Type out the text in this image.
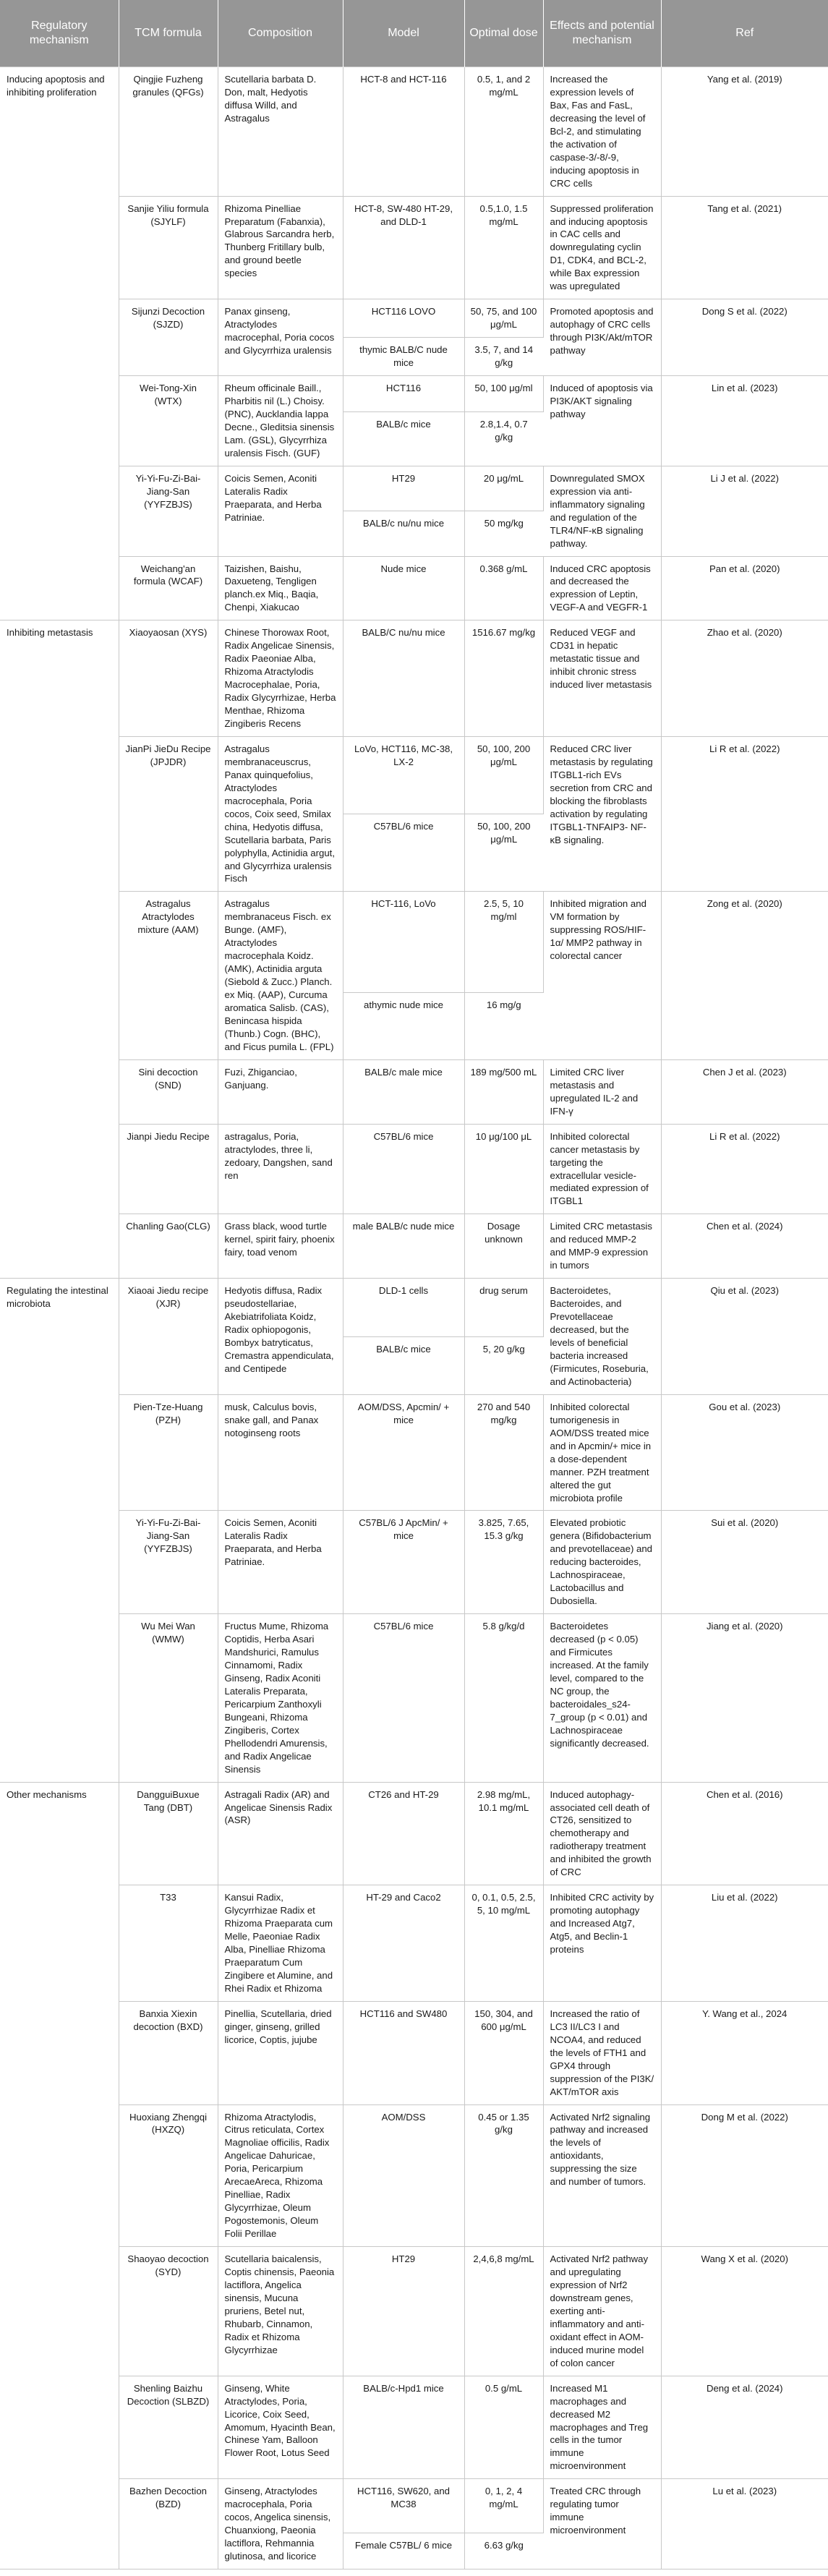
Regulatory mechanism	TCM formula	Composition	Model	Optimal dose	Effects and potential mechanism	Ref
Inducing apoptosis and inhibiting proliferation	Qingjie Fuzheng granules (QFGs)	Scutellaria barbata D. Don, malt, Hedyotis diffusa Willd, and Astragalus	HCT-8 and HCT-116	0.5, 1, and 2 mg/mL	Increased the expression levels of Bax, Fas and FasL, decreasing the level of Bcl-2, and stimulating the activation of caspase-3/-8/-9, inducing apoptosis in CRC cells	Yang et al. (2019)
	Sanjie Yiliu formula (SJYLF)	Rhizoma Pinelliae Preparatum (Fabanxia), Glabrous Sarcandra herb, Thunberg Fritillary bulb, and ground beetle species	HCT-8, SW-480 HT-29, and DLD-1	0.5,1.0, 1.5 mg/mL	Suppressed proliferation and inducing apoptosis in CAC cells and downregulating cyclin D1, CDK4, and BCL-2, while Bax expression was upregulated	Tang et al. (2021)
	Sijunzi Decoction (SJZD)	Panax ginseng, Atractylodes macrocephal, Poria cocos and Glycyrrhiza uralensis	HCT116 LOVO	50, 75, and 100 μg/mL	Promoted apoptosis and autophagy of CRC cells through PI3K/Akt/mTOR pathway	Dong S et al. (2022)
			thymic BALB/C nude mice	3.5, 7, and 14 g/kg		
	Wei-Tong-Xin (WTX)	Rheum officinale Baill., Pharbitis nil (L.) Choisy. (PNC), Aucklandia lappa Decne., Gleditsia sinensis Lam. (GSL), Glycyrrhiza uralensis Fisch. (GUF)	HCT116	50, 100 μg/ml	Induced of apoptosis via PI3K/AKT signaling pathway	Lin et al. (2023)
			BALB/c mice	2.8,1.4, 0.7 g/kg		
	Yi-Yi-Fu-Zi-Bai-Jiang-San (YYFZBJS)	Coicis Semen, Aconiti Lateralis Radix Praeparata, and Herba Patriniae.	HT29	20 μg/mL	Downregulated SMOX expression via anti-inflammatory signaling and regulation of the TLR4/NF-κB signaling pathway.	Li J et al. (2022)
			BALB/c nu/nu mice	50 mg/kg		
	Weichang'an formula (WCAF)	Taizishen, Baishu, Daxueteng, Tengligen planch.ex Miq., Baqia, Chenpi, Xiakucao	Nude mice	0.368 g/mL	Induced CRC apoptosis and decreased the expression of Leptin, VEGF-A and VEGFR-1	Pan et al. (2020)
Inhibiting metastasis	Xiaoyaosan (XYS)	Chinese Thorowax Root, Radix Angelicae Sinensis, Radix Paeoniae Alba, Rhizoma Atractylodis Macrocephalae, Poria, Radix Glycyrrhizae, Herba Menthae, Rhizoma Zingiberis Recens	BALB/C nu/nu mice	1516.67 mg/kg	Reduced VEGF and CD31 in hepatic metastatic tissue and inhibit chronic stress induced liver metastasis	Zhao et al. (2020)
	JianPi JieDu Recipe (JPJDR)	Astragalus membranaceuscrus, Panax quinquefolius, Atractylodes macrocephala, Poria cocos, Coix seed, Smilax china, Hedyotis diffusa, Scutellaria barbata, Paris polyphylla, Actinidia argut, and Glycyrrhiza uralensis Fisch	LoVo, HCT116, MC-38, LX-2	50, 100, 200 μg/mL	Reduced CRC liver metastasis by regulating ITGBL1-rich EVs secretion from CRC and blocking the fibroblasts activation by regulating ITGBL1-TNFAIP3- NF-κB signaling.	Li R et al. (2022)
			C57BL/6 mice	50, 100, 200 μg/mL		
	Astragalus Atractylodes mixture (AAM)	Astragalus membranaceus Fisch. ex Bunge. (AMF), Atractylodes macrocephala Koidz. (AMK), Actinidia arguta (Siebold & Zucc.) Planch. ex Miq. (AAP), Curcuma aromatica Salisb. (CAS), Benincasa hispida (Thunb.) Cogn. (BHC), and Ficus pumila L. (FPL)	HCT-116, LoVo	2.5, 5, 10 mg/ml	Inhibited migration and VM formation by suppressing ROS/HIF-1α/ MMP2 pathway in colorectal cancer	Zong et al. (2020)
			athymic nude mice	16 mg/g		
	Sini decoction (SND)	Fuzi, Zhiganciao, Ganjuang.	BALB/c male mice	189 mg/500 mL	Limited CRC liver metastasis and upregulated IL-2 and IFN-γ	Chen J et al. (2023)
	Jianpi Jiedu Recipe	astragalus, Poria, atractylodes, three li, zedoary, Dangshen, sand ren	C57BL/6 mice	10 μg/100 μL	Inhibited colorectal cancer metastasis by targeting the extracellular vesicle-mediated expression of ITGBL1	Li R et al. (2022)
	Chanling Gao(CLG)	Grass black, wood turtle kernel, spirit fairy, phoenix fairy, toad venom	male BALB/c nude mice	Dosage unknown	Limited CRC metastasis and reduced MMP-2 and MMP-9 expression in tumors	Chen et al. (2024)
Regulating the intestinal microbiota	Xiaoai Jiedu recipe (XJR)	Hedyotis diffusa, Radix pseudostellariae, Akebiatrifoliata Koidz, Radix ophiopogonis, Bombyx batryticatus, Cremastra appendiculata, and Centipede	DLD-1 cells	drug serum	Bacteroidetes, Bacteroides, and Prevotellaceae decreased, but the levels of beneficial bacteria increased (Firmicutes, Roseburia, and Actinobacteria)	Qiu et al. (2023)
			BALB/c mice	5, 20 g/kg		
	Pien-Tze-Huang (PZH)	musk, Calculus bovis, snake gall, and Panax notoginseng roots	AOM/DSS, Apcmin/ + mice	270 and 540 mg/kg	Inhibited colorectal tumorigenesis in AOM/DSS treated mice and in Apcmin/+ mice in a dose-dependent manner. PZH treatment altered the gut microbiota profile	Gou et al. (2023)
	Yi-Yi-Fu-Zi-Bai-Jiang-San (YYFZBJS)	Coicis Semen, Aconiti Lateralis Radix Praeparata, and Herba Patriniae.	C57BL/6 J ApcMin/ + mice	3.825, 7.65, 15.3 g/kg	Elevated probiotic genera (Bifidobacterium and prevotellaceae) and reducing bacteroides, Lachnospiraceae, Lactobacillus and Dubosiella.	Sui et al. (2020)
	Wu Mei Wan (WMW)	Fructus Mume, Rhizoma Coptidis, Herba Asari Mandshurici, Ramulus Cinnamomi, Radix Ginseng, Radix Aconiti Lateralis Preparata, Pericarpium Zanthoxyli Bungeani, Rhizoma Zingiberis, Cortex Phellodendri Amurensis, and Radix Angelicae Sinensis	C57BL/6 mice	5.8 g/kg/d	Bacteroidetes decreased (p < 0.05) and Firmicutes increased. At the family level, compared to the NC group, the bacteroidales_s24-7_group (p < 0.01) and Lachnospiraceae significantly decreased.	Jiang et al. (2020)
Other mechanisms	DangguiBuxue Tang (DBT)	Astragali Radix (AR) and Angelicae Sinensis Radix (ASR)	CT26 and HT-29	2.98 mg/mL, 10.1 mg/mL	Induced autophagy-associated cell death of CT26, sensitized to chemotherapy and radiotherapy treatment and inhibited the growth of CRC	Chen et al. (2016)
	T33	Kansui Radix, Glycyrrhizae Radix et Rhizoma Praeparata cum Melle, Paeoniae Radix Alba, Pinelliae Rhizoma Praeparatum Cum Zingibere et Alumine, and Rhei Radix et Rhizoma	HT-29 and Caco2	0, 0.1, 0.5, 2.5, 5, 10 mg/mL	Inhibited CRC activity by promoting autophagy and Increased Atg7, Atg5, and Beclin-1 proteins	Liu et al. (2022)
	Banxia Xiexin decoction (BXD)	Pinellia, Scutellaria, dried ginger, ginseng, grilled licorice, Coptis, jujube	HCT116 and SW480	150, 304, and 600 μg/mL	Increased the ratio of LC3 II/LC3 I and NCOA4, and reduced the levels of FTH1 and GPX4 through suppression of the PI3K/ AKT/mTOR axis	Y. Wang et al., 2024
	Huoxiang Zhengqi (HXZQ)	Rhizoma Atractylodis, Citrus reticulata, Cortex Magnoliae officilis, Radix Angelicae Dahuricae, Poria, Pericarpium ArecaeAreca, Rhizoma Pinelliae, Radix Glycyrrhizae, Oleum Pogostemonis, Oleum Folii Perillae	AOM/DSS	0.45 or 1.35 g/kg	Activated Nrf2 signaling pathway and increased the levels of antioxidants, suppressing the size and number of tumors.	Dong M et al. (2022)
	Shaoyao decoction (SYD)	Scutellaria baicalensis, Coptis chinensis, Paeonia lactiflora, Angelica sinensis, Mucuna pruriens, Betel nut, Rhubarb, Cinnamon, Radix et Rhizoma Glycyrrhizae	HT29	2,4,6,8 mg/mL	Activated Nrf2 pathway and upregulating expression of Nrf2 downstream genes, exerting anti-inflammatory and anti-oxidant effect in AOM-induced murine model of colon cancer	Wang X et al. (2020)
	Shenling Baizhu Decoction (SLBZD)	Ginseng, White Atractylodes, Poria, Licorice, Coix Seed, Amomum, Hyacinth Bean, Chinese Yam, Balloon Flower Root, Lotus Seed	BALB/c-Hpd1 mice	0.5 g/mL	Increased M1 macrophages and decreased M2 macrophages and Treg cells in the tumor immune microenvironment	Deng et al. (2024)
	Bazhen Decoction (BZD)	Ginseng, Atractylodes macrocephala, Poria cocos, Angelica sinensis, Chuanxiong, Paeonia lactiflora, Rehmannia glutinosa, and licorice	HCT116, SW620, and MC38	0, 1, 2, 4 mg/mL	Treated CRC through regulating tumor immune microenvironment	Lu et al. (2023)
			Female C57BL/ 6 mice	6.63 g/kg		
